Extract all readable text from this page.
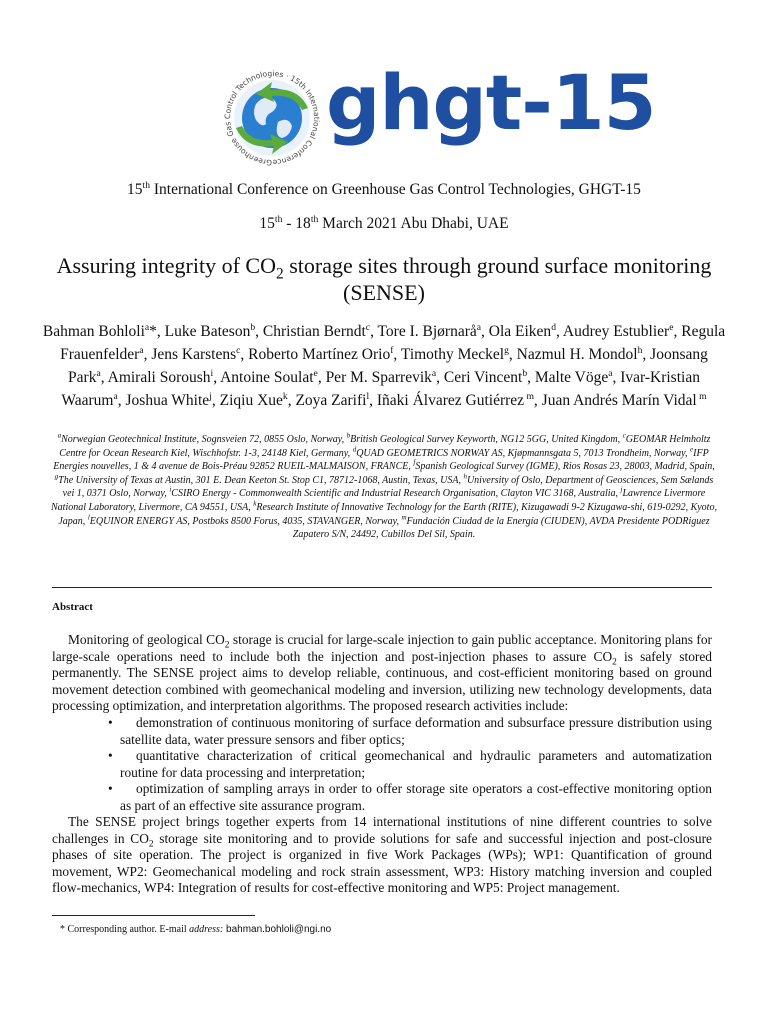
Greenhouse Gas Control Technologies · 15th International Conference
ghgt-15
15th International Conference on Greenhouse Gas Control Technologies, GHGT-15
15th - 18th March 2021 Abu Dhabi, UAE
Assuring integrity of $CO_2$ storage sites through ground surface monitoring (SENSE)
Bahman Bohloli$^a$*, Luke Bateson$^b$, Christian Berndt$^c$, Tore I. Bjørnarå$^a$, Ola Eiken$^d$, Audrey Estublier$^e$, Regula Frauenfelder$^a$, Jens Karstens$^c$, Roberto Martínez Orio$^f$, Timothy Meckel$^g$, Nazmul H. Mondol$^h$, Joonsang Park$^a$, Amirali Soroush$^i$, Antoine Soulat$^e$, Per M. Sparrevik$^a$, Ceri Vincent$^b$, Malte Vöge$^a$, Ivar-Kristian Waarum$^a$, Joshua White$^j$, Ziqiu Xue$^k$, Zoya Zarifi$^l$, Iñaki Álvarez Gutiérrez $^m$, Juan Andrés Marín Vidal $^m$
$^a$Norwegian Geotechnical Institute, Sognsveien 72, 0855 Oslo, Norway, $^b$British Geological Survey Keyworth, NG12 5GG, United Kingdom, $^c$GEOMAR Helmholtz Centre for Ocean Research Kiel, Wischhofstr. 1-3, 24148 Kiel, Germany, $^d$QUAD GEOMETRICS NORWAY AS, Kjøpmannsgata 5, 7013 Trondheim, Norway, $^e$IFP Energies nouvelles, 1 & 4 avenue de Bois-Préau 92852 RUEIL-MALMAISON, FRANCE, $^f$Spanish Geological Survey (IGME), Rios Rosas 23, 28003, Madrid, Spain, $^g$The University of Texas at Austin, 301 E. Dean Keeton St. Stop C1, 78712-1068, Austin, Texas, USA, $^h$University of Oslo, Department of Geosciences, Sem Sælands vei 1, 0371 Oslo, Norway, $^i$CSIRO Energy - Commonwealth Scientific and Industrial Research Organisation, Clayton VIC 3168, Australia, $^j$Lawrence Livermore National Laboratory, Livermore, CA 94551, USA, $^k$Research Institute of Innovative Technology for the Earth (RITE), Kizugawadi 9-2 Kizugawa-shi, 619-0292, Kyoto, Japan, $^l$EQUINOR ENERGY AS, Postboks 8500 Forus, 4035, STAVANGER, Norway, $^m$Fundación Ciudad de la Energía (CIUDEN), AVDA Presidente PODRiguez Zapatero S/N, 24492, Cubillos Del Sil, Spain.
Abstract
Monitoring of geological $CO_2$ storage is crucial for large-scale injection to gain public acceptance. Monitoring plans for large-scale operations need to include both the injection and post-injection phases to assure $CO_2$ is safely stored permanently. The SENSE project aims to develop reliable, continuous, and cost-efficient monitoring based on ground movement detection combined with geomechanical modeling and inversion, utilizing new technology developments, data processing optimization, and interpretation algorithms. The proposed research activities include:
• demonstration of continuous monitoring of surface deformation and subsurface pressure distribution using satellite data, water pressure sensors and fiber optics;
• quantitative characterization of critical geomechanical and hydraulic parameters and automatization routine for data processing and interpretation;
• optimization of sampling arrays in order to offer storage site operators a cost-effective monitoring option as part of an effective site assurance program.
The SENSE project brings together experts from 14 international institutions of nine different countries to solve challenges in $CO_2$ storage site monitoring and to provide solutions for safe and successful injection and post-closure phases of site operation. The project is organized in five Work Packages (WPs); WP1: Quantification of ground movement, WP2: Geomechanical modeling and rock strain assessment, WP3: History matching inversion and coupled flow-mechanics, WP4: Integration of results for cost-effective monitoring and WP5: Project management.
* Corresponding author. E-mail address: bahman.bohloli@ngi.no
